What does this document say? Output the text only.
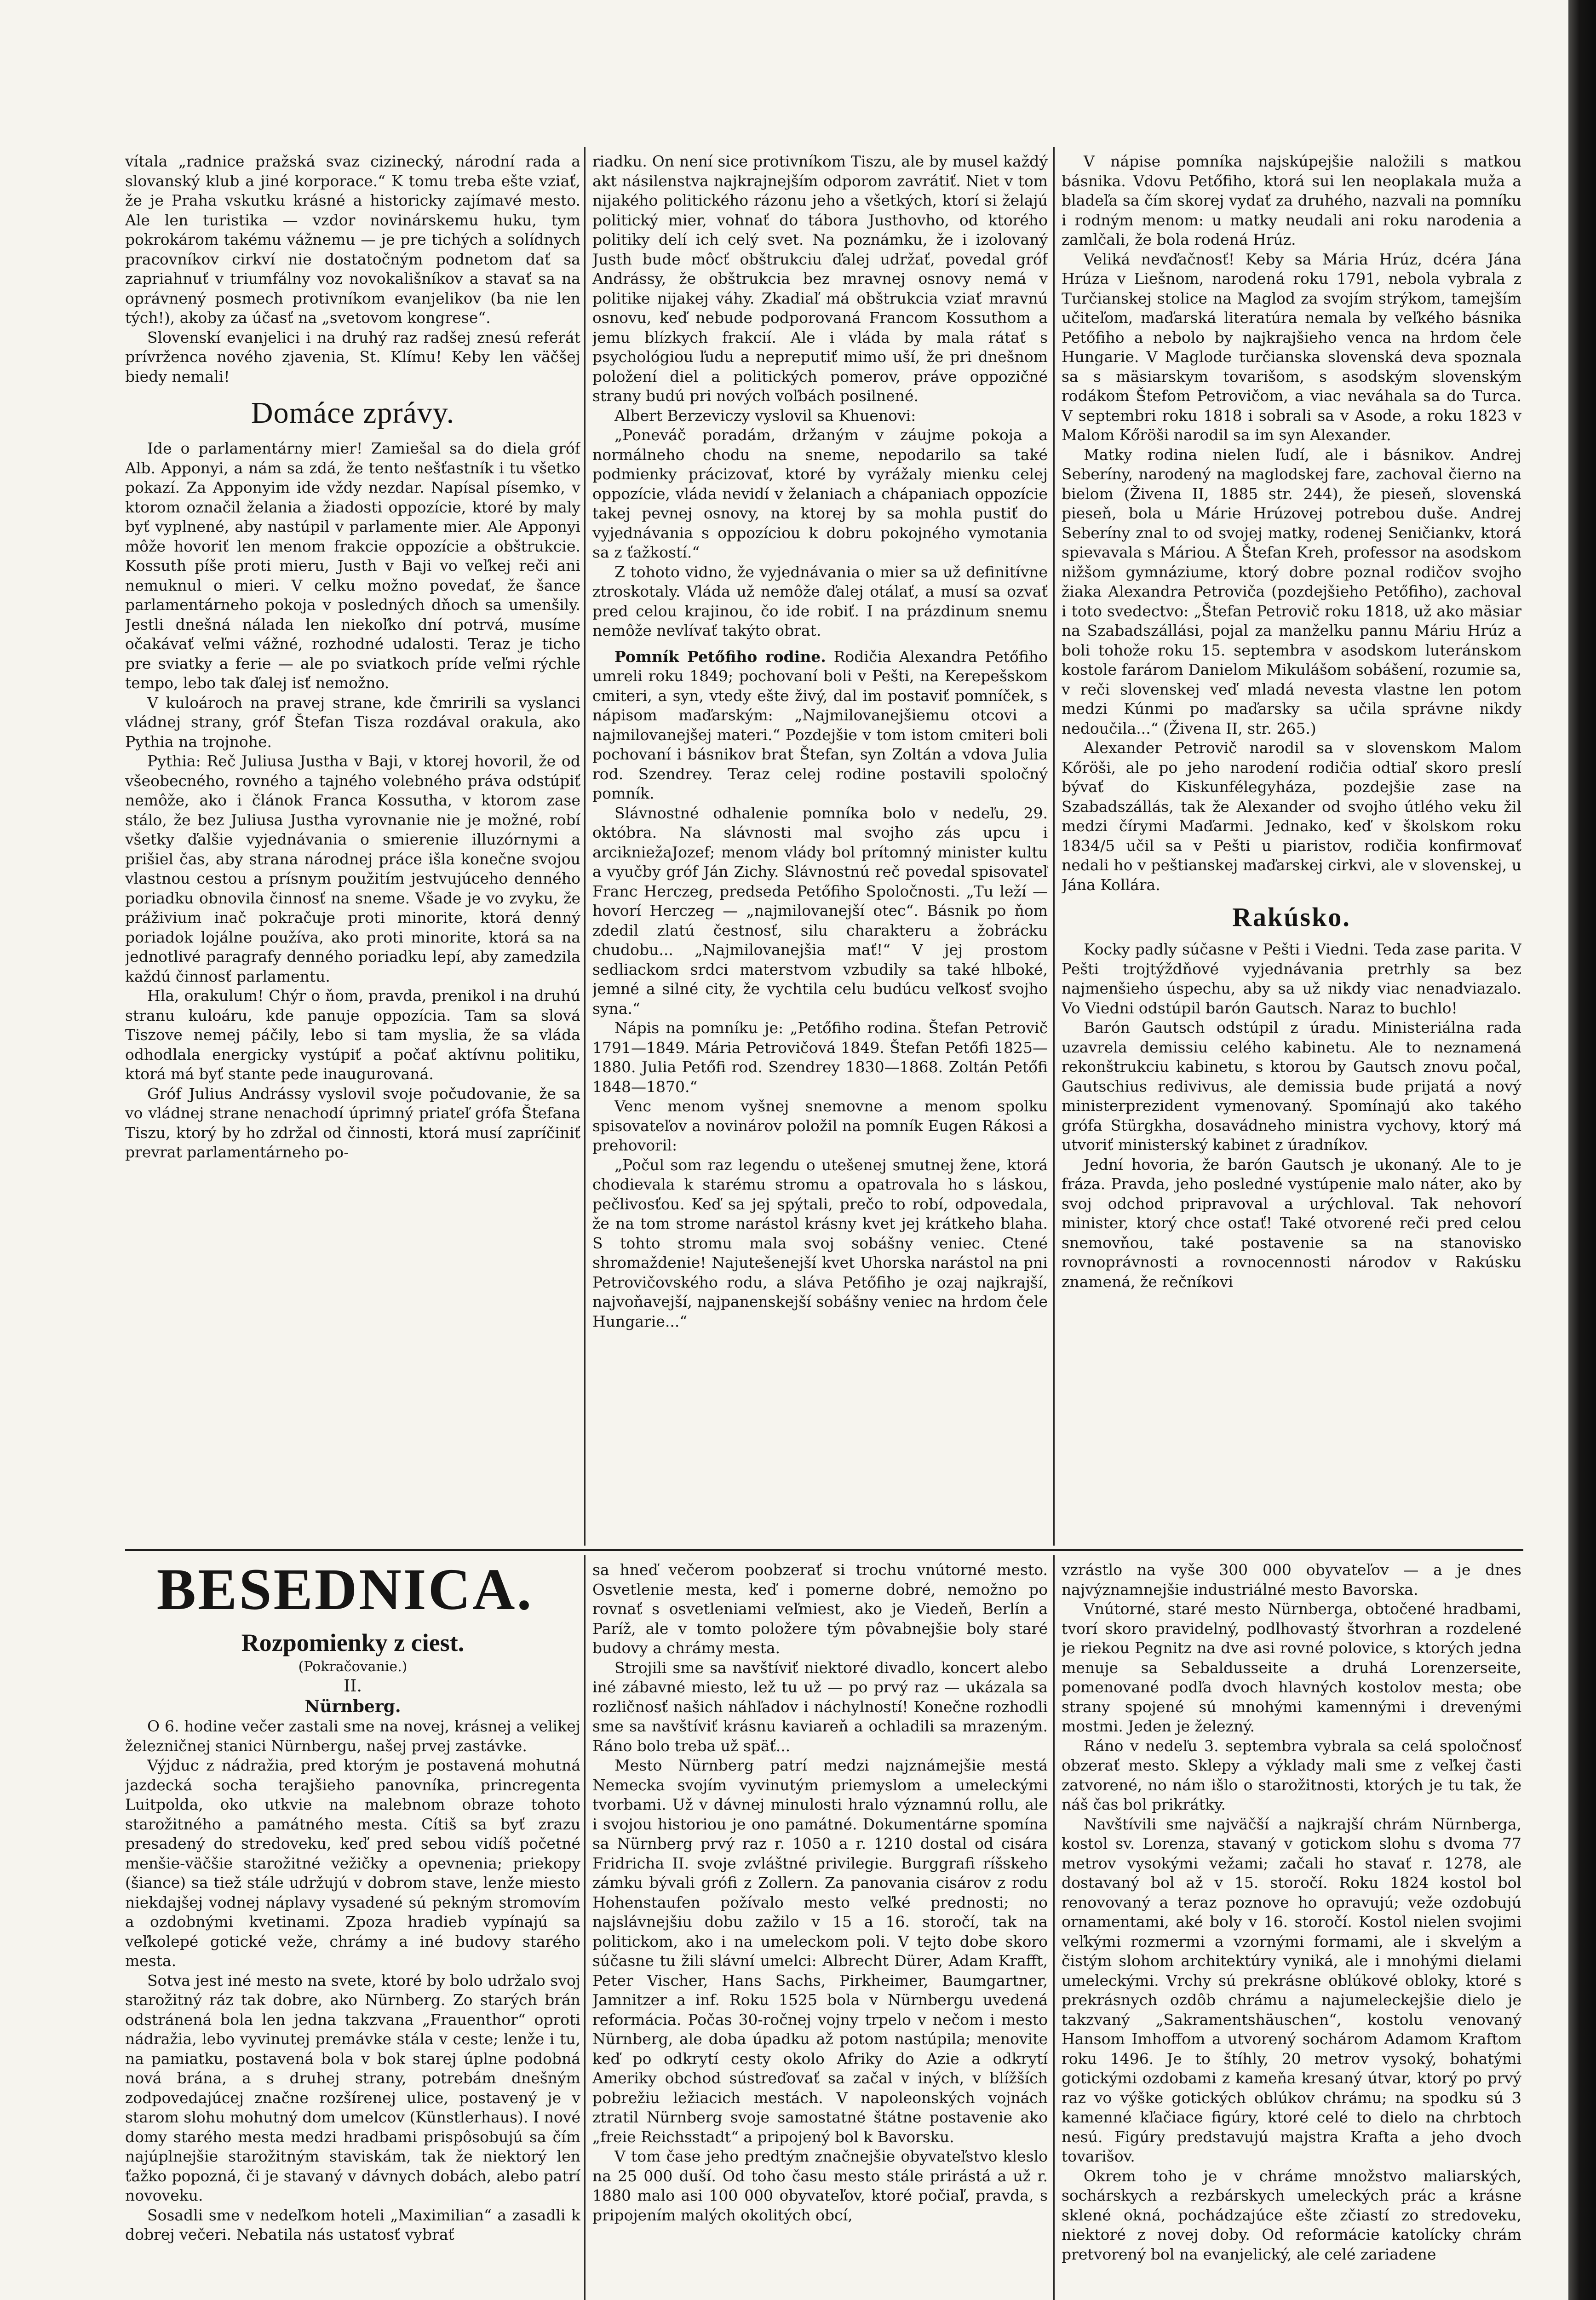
vítala „radnice pražská svaz cizinecký, národní rada a slovanský klub a jiné korporace.“ K tomu treba ešte vziať, že je Praha vskutku krásné a historicky zajímavé mesto. Ale len turistika — vzdor novinárskemu huku, tym pokrokárom takému vážnemu — je pre tichých a solídnych pracovníkov cirkví nie dostatočným podnetom dať sa zapriahnuť v triumfálny voz novokališníkov a stavať sa na oprávnený posmech protivníkom evanjelikov (ba nie len tých!), akoby za účasť na „svetovom kongrese“.

Slovenskí evanjelici i na druhý raz radšej znesú referát prívrženca nového zjavenia, St. Klímu! Keby len väčšej biedy nemali!

Domáce zprávy.

Ide o parlamentárny mier! Zamiešal sa do diela gróf Alb. Apponyi, a nám sa zdá, že tento nešťastník i tu všetko pokazí. Za Apponyim ide vždy nezdar. Napísal písemko, v ktorom označil želania a žiadosti oppozície, ktoré by maly byť vyplnené, aby nastúpil v parlamente mier. Ale Apponyi môže hovoriť len menom frakcie oppozície a obštrukcie. Kossuth píše proti mieru, Justh v Baji vo veľkej reči ani nemuknul o mieri. V celku možno povedať, že šance parlamentárneho pokoja v posledných dňoch sa umenšily. Jestli dnešná nálada len niekoľko dní potrvá, musíme očakávať veľmi vážné, rozhodné udalosti. Teraz je ticho pre sviatky a ferie — ale po sviatkoch príde veľmi rýchle tempo, lebo tak ďalej isť nemožno.

V kuloároch na pravej strane, kde čmririli sa vyslanci vládnej strany, gróf Štefan Tisza rozdával orakula, ako Pythia na trojnohe.

Pythia: Reč Juliusa Justha v Baji, v ktorej hovoril, že od všeobecného, rovného a tajného volebného práva odstúpiť nemôže, ako i článok Franca Kossutha, v ktorom zase stálo, že bez Juliusa Justha vyrovnanie nie je možné, robí všetky ďalšie vyjednávania o smierenie illuzórnymi a prišiel čas, aby strana národnej práce išla konečne svojou vlastnou cestou a prísnym použitím jestvujúceho denného poriadku obnovila činnosť na sneme. Všade je vo zvyku, že práživium inač pokračuje proti minorite, ktorá denný poriadok lojálne používa, ako proti minorite, ktorá sa na jednotlivé paragrafy denného poriadku lepí, aby zamedzila každú činnosť parlamentu.

Hla, orakulum! Chýr o ňom, pravda, prenikol i na druhú stranu kuloáru, kde panuje oppozícia. Tam sa slová Tiszove nemej páčily, lebo si tam myslia, že sa vláda odhodlala energicky vystúpiť a počať aktívnu politiku, ktorá má byť stante pede inaugurovaná.

Gróf Julius Andrássy vyslovil svoje počudovanie, že sa vo vládnej strane nenachodí úprimný priateľ grófa Štefana Tiszu, ktorý by ho zdržal od činnosti, ktorá musí zapríčiniť prevrat parlamentárneho po-

riadku. On není sice protivníkom Tiszu, ale by musel každý akt násilenstva najkrajnejším odporom zavrátiť. Niet v tom nijakého politického rázonu jeho a všetkých, ktorí si želajú politický mier, vohnať do tábora Justhovho, od ktorého politiky delí ich celý svet. Na poznámku, že i izolovaný Justh bude môcť obštrukciu ďalej udržať, povedal gróf Andrássy, že obštrukcia bez mravnej osnovy nemá v politike nijakej váhy. Zkadiaľ má obštrukcia vziať mravnú osnovu, keď nebude podporovaná Francom Kossuthom a jemu blízkych frakcií. Ale i vláda by mala rátať s psychológiou ľudu a nepreputiť mimo uší, že pri dnešnom položení diel a politických pomerov, práve oppozičné strany budú pri nových voľbách posilnené.

Albert Berzeviczy vyslovil sa Khuenovi:

„Poneváč poradám, držaným v záujme pokoja a normálneho chodu na sneme, nepodarilo sa také podmienky prácizovať, ktoré by vyrážaly mienku celej oppozície, vláda nevidí v želaniach a chápaniach oppozície takej pevnej osnovy, na ktorej by sa mohla pustiť do vyjednávania s oppozíciou k dobru pokojného vymotania sa z ťažkostí.“

Z tohoto vidno, že vyjednávania o mier sa už definitívne ztroskotaly. Vláda už nemôže ďalej otálať, a musí sa ozvať pred celou krajinou, čo ide robiť. I na prázdinum snemu nemôže nevlívať takýto obrat.

Pomník Petőfiho rodine. Rodičia Alexandra Petőfiho umreli roku 1849; pochovaní boli v Pešti, na Kerepešskom cmiteri, a syn, vtedy ešte živý, dal im postaviť pomníček, s nápisom maďarským: „Najmilovanejšiemu otcovi a najmilovanejšej materi.“ Pozdejšie v tom istom cmiteri boli pochovaní i básnikov brat Štefan, syn Zoltán a vdova Julia rod. Szendrey. Teraz celej rodine postavili spoločný pomník.

Slávnostné odhalenie pomníka bolo v nedeľu, 29. októbra. Na slávnosti mal svojho zás upcu i arcikniežaJozef; menom vlády bol prítomný minister kultu a vyučby gróf Ján Zichy. Slávnostnú reč povedal spisovateľ Franc Herczeg, predseda Petőfiho Spoločnosti. „Tu leží — hovorí Herczeg — „najmilovanejší otec“. Básnik po ňom zdedil zlatú čestnosť, silu charakteru a žobrácku chudobu... „Najmilovanejšia mať!“ V jej prostom sedliackom srdci materstvom vzbudily sa také hlboké, jemné a silné city, že vychtila celu budúcu veľkosť svojho syna.“

Nápis na pomníku je: „Petőfiho rodina. Štefan Petrovič 1791—1849. Mária Petrovičová 1849. Štefan Petőfi 1825—1880. Julia Petőfi rod. Szendrey 1830—1868. Zoltán Petőfi 1848—1870.“

Venc menom vyšnej snemovne a menom spolku spisovateľov a novinárov položil na pomník Eugen Rákosi a prehovoril:

„Počul som raz legendu o utešenej smutnej žene, ktorá chodievala k starému stromu a opatrovala ho s láskou, pečlivosťou. Keď sa jej spýtali, prečo to robí, odpovedala, že na tom strome narástol krásny kvet jej krátkeho blaha. S tohto stromu mala svoj sobášny veniec. Ctené shromaždenie! Najutešenejší kvet Uhorska narástol na pni Petrovičovského rodu, a sláva Petőfiho je ozaj najkrajší, najvoňavejší, najpanenskejší sobášny veniec na hrdom čele Hungarie...“

V nápise pomníka najskúpejšie naložili s matkou básnika. Vdovu Petőfiho, ktorá sui len neoplakala muža a bladeľa sa čím skorej vydať za druhého, nazvali na pomníku i rodným menom: u matky neudali ani roku narodenia a zamlčali, že bola rodená Hrúz.

Veliká nevďačnosť! Keby sa Mária Hrúz, dcéra Jána Hrúza v Liešnom, narodená roku 1791, nebola vybrala z Turčianskej stolice na Maglod za svojím strýkom, tamejším učiteľom, maďarská literatúra nemala by veľkého básnika Petőfiho a nebolo by najkrajšieho venca na hrdom čele Hungarie. V Maglode turčianska slovenská deva spoznala sa s mäsiarskym tovarišom, s asodským slovenským rodákom Štefom Petrovičom, a viac neváhala sa do Turca. V septembri roku 1818 i sobrali sa v Asode, a roku 1823 v Malom Kőröši narodil sa im syn Alexander.

Matky rodina nielen ľudí, ale i básnikov. Andrej Seberíny, narodený na maglodskej fare, zachoval čierno na bielom (Živena II, 1885 str. 244), že pieseň, slovenská pieseň, bola u Márie Hrúzovej potrebou duše. Andrej Seberíny znal to od svojej matky, rodenej Seničiankv, ktorá spievavala s Máriou. A Štefan Kreh, professor na asodskom nižšom gymnáziume, ktorý dobre poznal rodičov svojho žiaka Alexandra Petroviča (pozdejšieho Petőfiho), zachoval i toto svedectvo: „Štefan Petrovič roku 1818, už ako mäsiar na Szabadszállási, pojal za manželku pannu Máriu Hrúz a boli tohože roku 15. septembra v asodskom luteránskom kostole farárom Danielom Mikulášom sobášení, rozumie sa, v reči slovenskej veď mladá nevesta vlastne len potom medzi Kúnmi po maďarsky sa učila správne nikdy nedoučila...“ (Živena II, str. 265.)

Alexander Petrovič narodil sa v slovenskom Malom Kőröši, ale po jeho narodení rodičia odtiaľ skoro preslí bývať do Kiskunfélegyháza, pozdejšie zase na Szabadszállás, tak že Alexander od svojho útlého veku žil medzi čírymi Maďarmi. Jednako, keď v školskom roku 1834/5 učil sa v Pešti u piaristov, rodičia konfirmovať nedali ho v peštianskej maďarskej cirkvi, ale v slovenskej, u Jána Kollára.

Rakúsko.

Kocky padly súčasne v Pešti i Viedni. Teda zase parita. V Pešti trojtýždňové vyjednávania pretrhly sa bez najmenšieho úspechu, aby sa už nikdy viac nenadviazalo. Vo Viedni odstúpil barón Gautsch. Naraz to buchlo!

Barón Gautsch odstúpil z úradu. Ministeriálna rada uzavrela demissiu celého kabinetu. Ale to neznamená rekonštrukciu kabinetu, s ktorou by Gautsch znovu počal, Gautschius redivivus, ale demissia bude prijatá a nový ministerprezident vymenovaný. Spomínajú ako takého grófa Stürgkha, dosavádneho ministra vychovy, ktorý má utvoriť ministerský kabinet z úradníkov.

Jední hovoria, že barón Gautsch je ukonaný. Ale to je fráza. Pravda, jeho posledné vystúpenie malo náter, ako by svoj odchod pripravoval a urýchloval. Tak nehovorí minister, ktorý chce ostať! Také otvorené reči pred celou snemovňou, také postavenie sa na stanovisko rovnoprávnosti a rovnocennosti národov v Rakúsku znamená, že rečníkovi

BESEDNICA.
Rozpomienky z ciest.
(Pokračovanie.)
II.
Nürnberg.

O 6. hodine večer zastali sme na novej, krásnej a velikej železničnej stanici Nürnbergu, našej prvej zastávke.

Výjduc z nádražia, pred ktorým je postavená mohutná jazdecká socha terajšieho panovníka, princregenta Luitpolda, oko utkvie na malebnom obraze tohoto starožitného a památného mesta. Cítiš sa byť zrazu presadený do stredoveku, keď pred sebou vidíš početné menšie-väčšie starožitné vežičky a opevnenia; priekopy (šiance) sa tiež stále udržujú v dobrom stave, lenže miesto niekdajšej vodnej náplavy vysadené sú pekným stromovím a ozdobnými kvetinami. Zpoza hradieb vypínajú sa veľkolepé gotické veže, chrámy a iné budovy starého mesta.

Sotva jest iné mesto na svete, ktoré by bolo udržalo svoj starožitný ráz tak dobre, ako Nürnberg. Zo starých brán odstránená bola len jedna takzvana „Frauenthor“ oproti nádražia, lebo vyvinutej premávke stála v ceste; lenže i tu, na pamiatku, postavená bola v bok starej úplne podobná nová brána, a s druhej strany, potrebám dnešným zodpovedajúcej značne rozšírenej ulice, postavený je v starom slohu mohutný dom umelcov (Künstlerhaus). I nové domy starého mesta medzi hradbami prispôsobujú sa čím najúplnejšie starožitným staviskám, tak že niektorý len ťažko popozná, či je stavaný v dávnych dobách, alebo patrí novoveku.

Sosadli sme v nedeľkom hoteli „Maximilian“ a zasadli k dobrej večeri. Nebatila nás ustatosť vybrať

sa hneď večerom poobzerať si trochu vnútorné mesto. Osvetlenie mesta, keď i pomerne dobré, nemožno po rovnať s osvetleniami veľmiest, ako je Viedeň, Berlín a Paríž, ale v tomto položere tým pôvabnejšie boly staré budovy a chrámy mesta.

Strojili sme sa navštíviť niektoré divadlo, koncert alebo iné zábavné miesto, lež tu už — po prvý raz — ukázala sa rozličnosť našich náhľadov i náchylností! Konečne rozhodli sme sa navštíviť krásnu kaviareň a ochladili sa mrazeným. Ráno bolo treba už späť...

Mesto Nürnberg patrí medzi najznámejšie mestá Nemecka svojím vyvinutým priemyslom a umeleckými tvorbami. Už v dávnej minulosti hralo významnú rollu, ale i svojou historiou je ono památné. Dokumentárne spomína sa Nürnberg prvý raz r. 1050 a r. 1210 dostal od cisára Fridricha II. svoje zvláštné privilegie. Burggrafi ríšskeho zámku bývali grófi z Zollern. Za panovania cisárov z rodu Hohenstaufen požívalo mesto veľké prednosti; no najslávnejšiu dobu zažilo v 15 a 16. storočí, tak na politickom, ako i na umeleckom poli. V tejto dobe skoro súčasne tu žili slávní umelci: Albrecht Dürer, Adam Krafft, Peter Vischer, Hans Sachs, Pirkheimer, Baumgartner, Jamnitzer a inf. Roku 1525 bola v Nürnbergu uvedená reformácia. Počas 30-ročnej vojny trpelo v nečom i mesto Nürnberg, ale doba úpadku až potom nastúpila; menovite keď po odkrytí cesty okolo Afriky do Azie a odkrytí Ameriky obchod sústreďovať sa začal v iných, v blížších pobrežiu ležiacich mestách. V napoleonských vojnách ztratil Nürnberg svoje samostatné štátne postavenie ako „freie Reichsstadt“ a pripojený bol k Bavorsku.

V tom čase jeho predtým značnejšie obyvateľstvo kleslo na 25 000 duší. Od toho času mesto stále prirástá a už r. 1880 malo asi 100 000 obyvateľov, ktoré počiaľ, pravda, s pripojením malých okolitých obcí,

vzrástlo na vyše 300 000 obyvateľov — a je dnes najvýznamnejšie industriálné mesto Bavorska.

Vnútorné, staré mesto Nürnberga, obtočené hradbami, tvorí skoro pravidelný, podlhovastý štvorhran a rozdelené je riekou Pegnitz na dve asi rovné polovice, s ktorých jedna menuje sa Sebaldusseite a druhá Lorenzerseite, pomenované podľa dvoch hlavných kostolov mesta; obe strany spojené sú mnohými kamennými i drevenými mostmi. Jeden je železný.

Ráno v nedeľu 3. septembra vybrala sa celá spoločnosť obzerať mesto. Sklepy a výklady mali sme z veľkej časti zatvorené, no nám išlo o starožitnosti, ktorých je tu tak, že náš čas bol prikrátky.

Navštívili sme najväčší a najkrajší chrám Nürnberga, kostol sv. Lorenza, stavaný v gotickom slohu s dvoma 77 metrov vysokými vežami; začali ho stavať r. 1278, ale dostavaný bol až v 15. storočí. Roku 1824 kostol bol renovovaný a teraz poznove ho opravujú; veže ozdobujú ornamentami, aké boly v 16. storočí. Kostol nielen svojimi veľkými rozmermi a vzornými formami, ale i skvelým a čistým slohom architektúry vyniká, ale i mnohými dielami umeleckými. Vrchy sú prekrásne oblúkové obloky, ktoré s prekrásnych ozdôb chrámu a najumeleckejšie dielo je takzvaný „Sakramentshäuschen“, kostolu venovaný Hansom Imhoffom a utvorený sochárom Adamom Kraftom roku 1496. Je to štíhly, 20 metrov vysoký, bohatými gotickými ozdobami z kameňa kresaný útvar, ktorý po prvý raz vo výške gotických oblúkov chrámu; na spodku sú 3 kamenné kľačiace figúry, ktoré celé to dielo na chrbtoch nesú. Figúry predstavujú majstra Krafta a jeho dvoch tovarišov.

Okrem toho je v chráme množstvo maliarských, sochárskych a rezbárskych umeleckých prác a krásne sklené okná, pochádzajúce ešte zčiastí zo stredoveku, niektoré z novej doby. Od reformácie katolícky chrám pretvorený bol na evanjelický, ale celé zariadene
